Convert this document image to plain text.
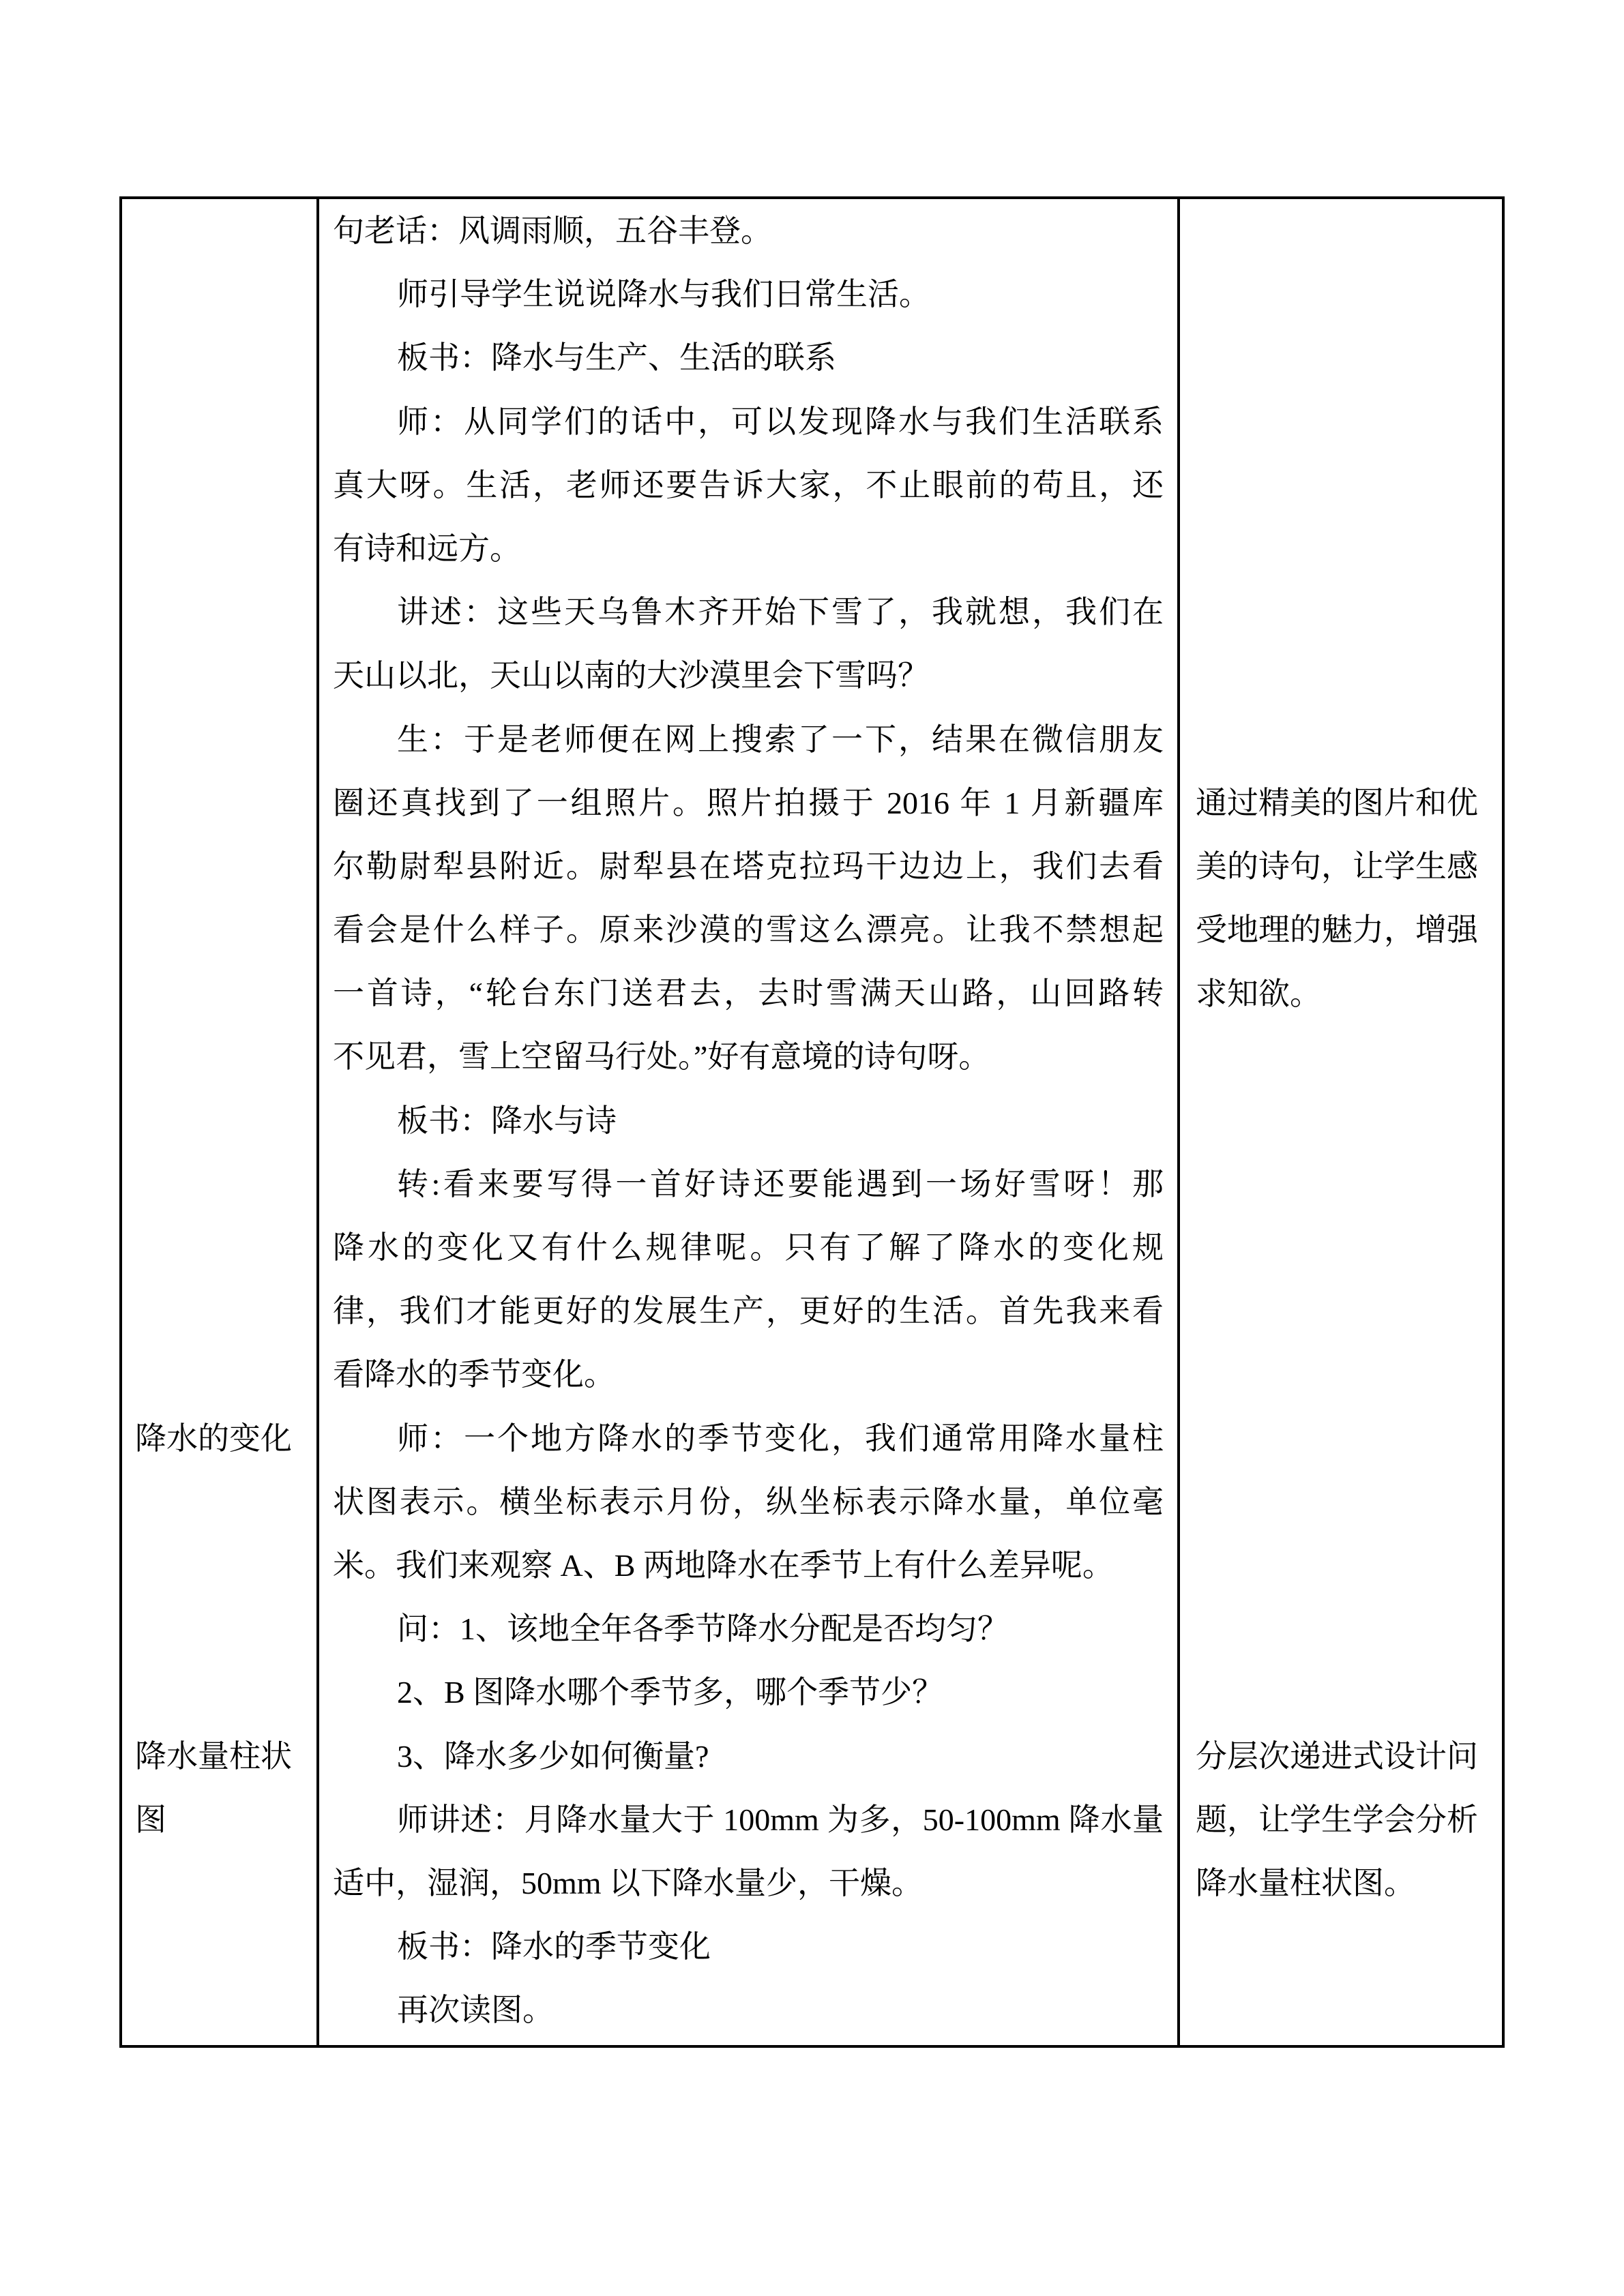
降水的变化
降水量柱状
图
句老话：风调雨顺，五谷丰登。
师引导学生说说降水与我们日常生活。
板书：降水与生产、生活的联系
师：从同学们的话中，可以发现降水与我们生活联系
真大呀。生活，老师还要告诉大家，不止眼前的苟且，还
有诗和远方。
讲述：这些天乌鲁木齐开始下雪了，我就想，我们在
天山以北，天山以南的大沙漠里会下雪吗？
生：于是老师便在网上搜索了一下，结果在微信朋友
圈还真找到了一组照片。照片拍摄于 2016 年 1 月新疆库
尔勒尉犁县附近。尉犁县在塔克拉玛干边边上，我们去看
看会是什么样子。原来沙漠的雪这么漂亮。让我不禁想起
一首诗，“轮台东门送君去，去时雪满天山路，山回路转
不见君，雪上空留马行处。”好有意境的诗句呀。
板书：降水与诗
转:看来要写得一首好诗还要能遇到一场好雪呀！那
降水的变化又有什么规律呢。只有了解了降水的变化规
律，我们才能更好的发展生产，更好的生活。首先我来看
看降水的季节变化。
师：一个地方降水的季节变化，我们通常用降水量柱
状图表示。横坐标表示月份，纵坐标表示降水量，单位毫
米。我们来观察 A、B 两地降水在季节上有什么差异呢。
问：1、该地全年各季节降水分配是否均匀？
2、B 图降水哪个季节多，哪个季节少？
3、降水多少如何衡量?
师讲述：月降水量大于 100mm 为多，50-100mm 降水量
适中，湿润，50mm 以下降水量少，干燥。
板书：降水的季节变化
再次读图。
通过精美的图片和优
美的诗句，让学生感
受地理的魅力，增强
求知欲。
分层次递进式设计问
题，让学生学会分析
降水量柱状图。
